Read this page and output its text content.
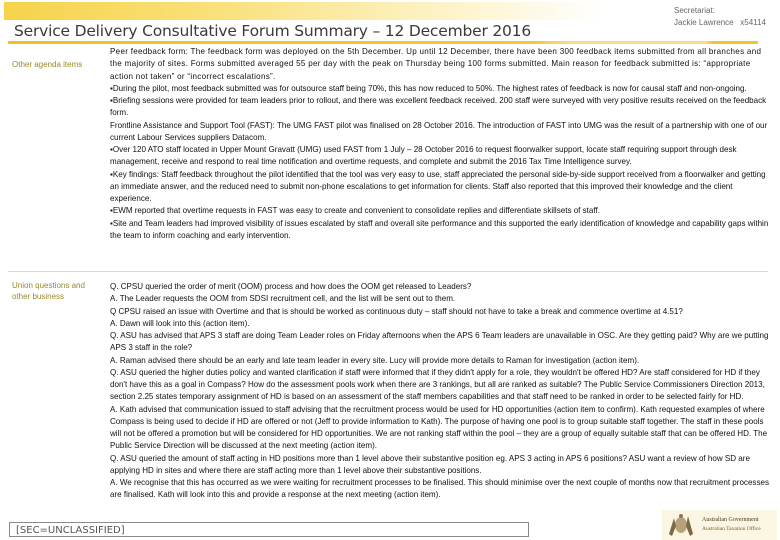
Service Delivery Consultative Forum Summary – 12 December 2016
Secretariat:
Jackie Lawrence   x54114
Other agenda items

Peer feedback form: The feedback form was deployed on the 5th December. Up until 12 December, there have been 300 feedback items submitted from all branches and the majority of sites. Forms submitted averaged 55 per day with the peak on Thursday being 100 forms submitted. Main reason for feedback submitted is: “appropriate action not taken” or “incorrect escalations”.

▪During the pilot, most feedback submitted was for outsource staff being 70%, this has now reduced to 50%. The highest rates of feedback is now for causal staff and non-ongoing.

▪Briefing sessions were provided for team leaders prior to rollout, and there was excellent feedback received. 200 staff were surveyed with very positive results received on the feedback form.

Frontline Assistance and Support Tool (FAST): The UMG FAST pilot was finalised on 28 October 2016. The introduction of FAST into UMG was the result of a partnership with one of our current Labour Services suppliers Datacom.

▪Over 120 ATO staff located in Upper Mount Gravatt (UMG) used FAST from 1 July – 28 October 2016 to request floorwalker support, locate staff requiring support through desk management, receive and respond to real time notification and overtime requests, and complete and submit the 2016 Tax Time Intelligence survey.

▪Key findings: Staff feedback throughout the pilot identified that the tool was very easy to use, staff appreciated the personal side-by-side support received from a floorwalker and getting an immediate answer, and the reduced need to submit non-phone escalations to get information for clients. Staff also reported that this improved their knowledge and the client experience.

▪EWM reported that overtime requests in FAST was easy to create and convenient to consolidate replies and differentiate skillsets of staff.

▪Site and Team leaders had improved visibility of issues escalated by staff and overall site performance and this supported the early identification of knowledge and capability gaps within the team to inform coaching and early intervention.

Union questions and other business

Q. CPSU queried the order of merit (OOM) process and how does the OOM get released to Leaders?

A. The Leader requests the OOM from SDSI recruitment cell, and the list will be sent out to them.

Q CPSU raised an issue with Overtime and that is should be worked as continuous duty – staff should not have to take a break and commence overtime at 4.51?

A. Dawn will look into this (action item).

Q. ASU has advised that APS 3 staff are doing Team Leader roles on Friday afternoons when the APS 6 Team leaders are unavailable in OSC. Are they getting paid? Why are we putting APS 3 staff in the role?

A. Raman advised there should be an early and late team leader in every site. Lucy will provide more details to Raman for investigation (action item).

Q. ASU queried the higher duties policy and wanted clarification if staff were informed that if they didn't apply for a role, they wouldn't be offered HD? Are staff considered for HD if they don't have this as a goal in Compass? How do the assessment pools work when there are 3 rankings, but all are ranked as suitable? The Public Service Commissioners Direction 2013, section 2.25 states temporary assignment of HD is based on an assessment of the staff members capabilities and that staff need to be ranked in order to be selected fairly for HD.

A. Kath advised that communication issued to staff advising that the recruitment process would be used for HD opportunities (action item to confirm). Kath requested examples of where Compass is being used to decide if HD are offered or not (Jeff to provide information to Kath). The purpose of having one pool is to group suitable staff together. The staff in these pools will not be offered a promotion but will be considered for HD opportunities. We are not ranking staff within the pool – they are a group of equally suitable staff that can be offered HD. The Public Service Direction will be discussed at the next meeting (action item).

Q. ASU queried the amount of staff acting in HD positions more than 1 level above their substantive position eg. APS 3 acting in APS 6 positions? ASU want a review of how SD are applying HD in sites and where there are staff acting more than 1 level above their substantive positions.

A. We recognise that this has occurred as we were waiting for recruitment processes to be finalised. This should minimise over the next couple of months now that recruitment processes are finalised. Kath will look into this and provide a response at the next meeting (action item).

[SEC=UNCLASSIFIED]
Australian Government
Australian Taxation Office
